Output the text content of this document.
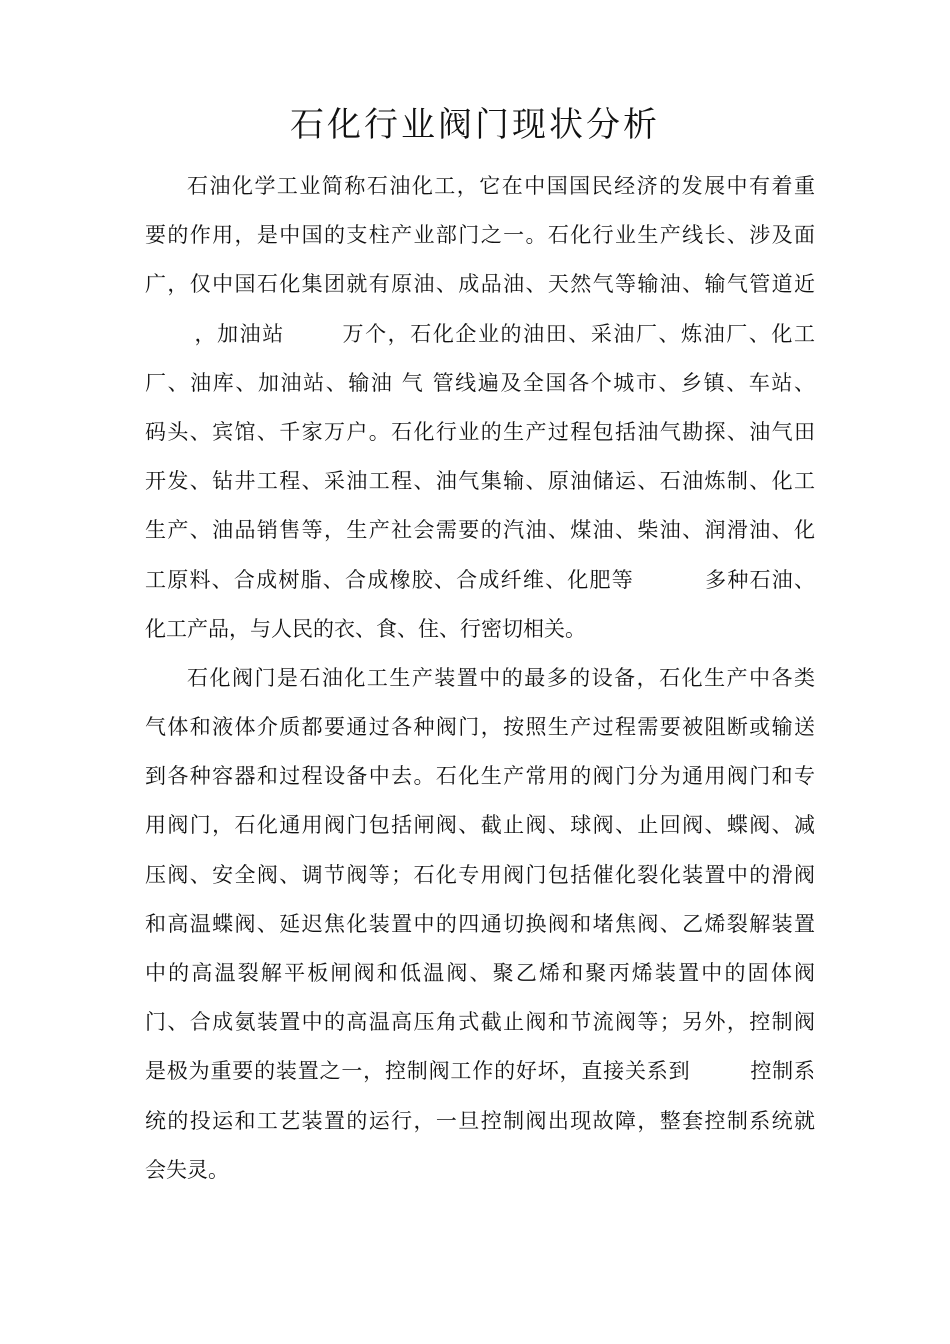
石化行业阀门现状分析
石油化学工业简称石油化工，它在中国国民经济的发展中有着重
要的作用，是中国的支柱产业部门之一。石化行业生产线长、涉及面
广，仅中国石化集团就有原油、成品油、天然气等输油、输气管道近
，加油站       万个，石化企业的油田、采油厂、炼油厂、化工
厂、油库、加油站、输油 气 管线遍及全国各个城市、乡镇、车站、
码头、宾馆、千家万户。石化行业的生产过程包括油气勘探、油气田
开发、钻井工程、采油工程、油气集输、原油储运、石油炼制、化工
生产、油品销售等，生产社会需要的汽油、煤油、柴油、润滑油、化
工原料、合成树脂、合成橡胶、合成纤维、化肥等         多种石油、
化工产品，与人民的衣、食、住、行密切相关。
石化阀门是石油化工生产装置中的最多的设备，石化生产中各类
气体和液体介质都要通过各种阀门，按照生产过程需要被阻断或输送
到各种容器和过程设备中去。石化生产常用的阀门分为通用阀门和专
用阀门，石化通用阀门包括闸阀、截止阀、球阀、止回阀、蝶阀、减
压阀、安全阀、调节阀等；石化专用阀门包括催化裂化装置中的滑阀
和高温蝶阀、延迟焦化装置中的四通切换阀和堵焦阀、乙烯裂解装置
中的高温裂解平板闸阀和低温阀、聚乙烯和聚丙烯装置中的固体阀
门、合成氨装置中的高温高压角式截止阀和节流阀等；另外，控制阀
是极为重要的装置之一，控制阀工作的好坏，直接关系到        控制系
统的投运和工艺装置的运行，一旦控制阀出现故障，整套控制系统就
会失灵。
